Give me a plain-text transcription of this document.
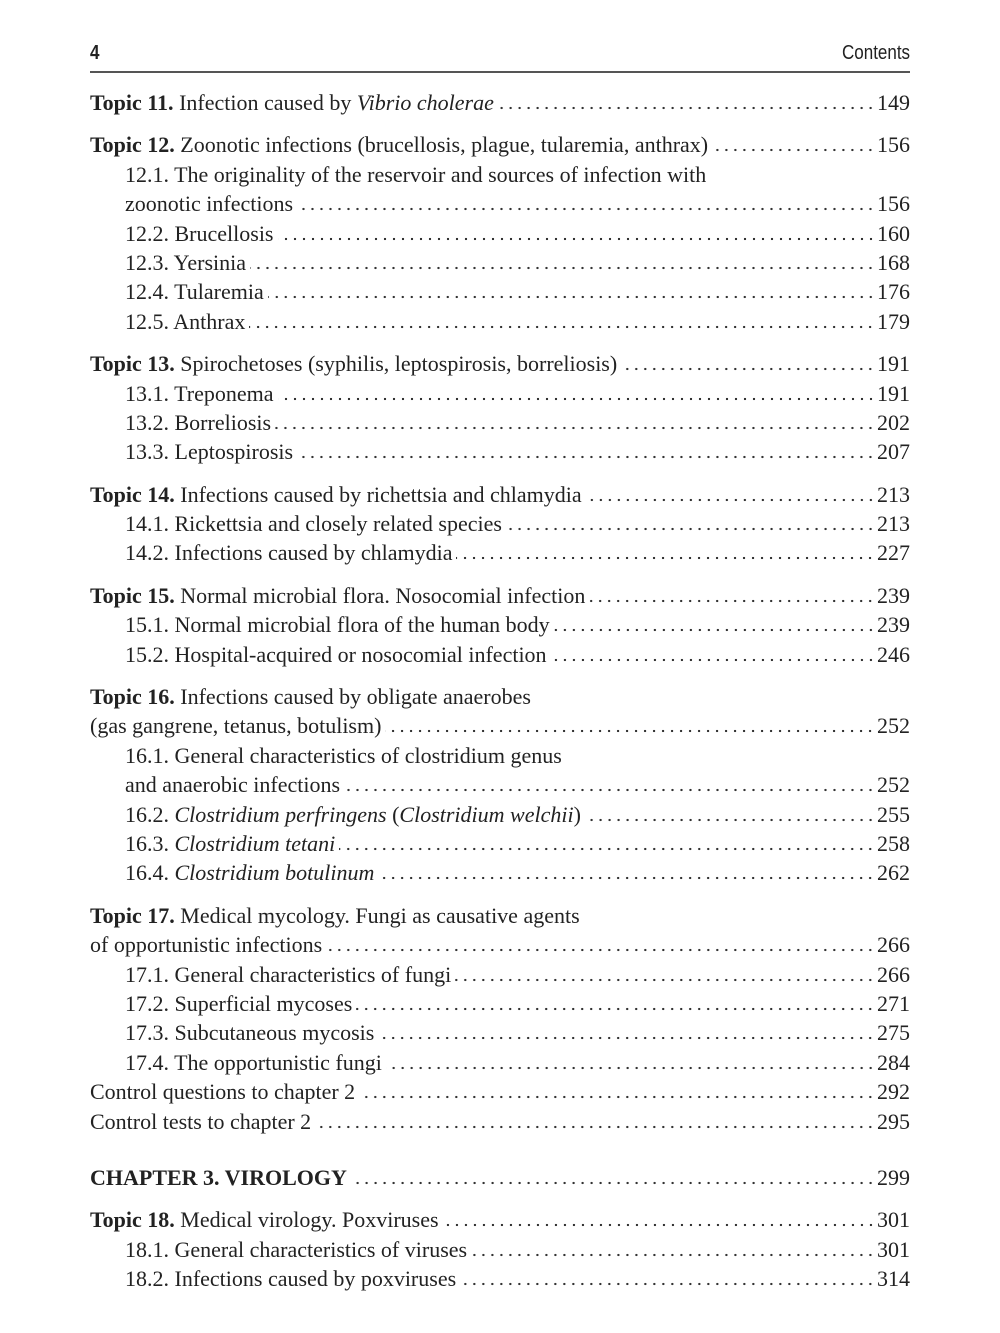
4	Contents
Topic 11. Infection caused by Vibrio cholerae	149
Topic 12. Zoonotic infections (brucellosis, plague, tularemia, anthrax)	156
12.1. The originality of the reservoir and sources of infection with
zoonotic infections	156
12.2. Brucellosis	160
12.3. Yersinia	168
12.4. Tularemia	176
12.5. Anthrax	179
Topic 13. Spirochetoses (syphilis, leptospirosis, borreliosis)	191
13.1. Treponema	191
13.2. Borreliosis	202
13.3. Leptospirosis	207
Topic 14. Infections caused by richettsia and chlamydia	213
14.1. Rickettsia and closely related species	213
14.2. Infections caused by chlamydia	227
Topic 15. Normal microbial flora. Nosocomial infection	239
15.1. Normal microbial flora of the human body	239
15.2. Hospital-acquired or nosocomial infection	246
Topic 16. Infections caused by obligate anaerobes
(gas gangrene, tetanus, botulism)	252
16.1. General characteristics of clostridium genus
and anaerobic infections	252
16.2. Clostridium perfringens (Clostridium welchii)	255
16.3. Clostridium tetani	258
16.4. Clostridium botulinum	262
Topic 17. Medical mycology. Fungi as causative agents
of opportunistic infections	266
17.1. General characteristics of fungi	266
17.2. Superficial mycoses	271
17.3. Subcutaneous mycosis	275
17.4. The opportunistic fungi	284
Control questions to chapter 2	292
Control tests to chapter 2	295
CHAPTER 3. VIROLOGY	299
Topic 18. Medical virology. Poxviruses	301
18.1. General characteristics of viruses	301
18.2. Infections caused by poxviruses	314
